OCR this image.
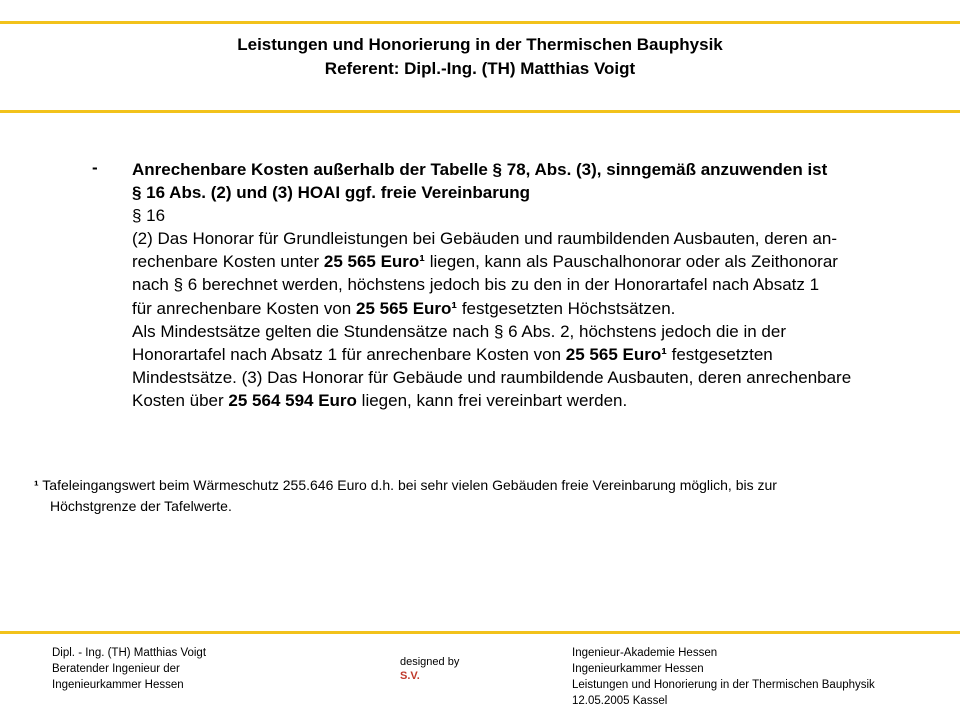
Leistungen und Honorierung in der Thermischen Bauphysik
Referent: Dipl.-Ing. (TH) Matthias Voigt
- Anrechenbare Kosten außerhalb der Tabelle § 78, Abs. (3), sinngemäß anzuwenden ist
§ 16 Abs. (2) und (3) HOAI ggf. freie Vereinbarung
§ 16
(2) Das Honorar für Grundleistungen bei Gebäuden und raumbildenden Ausbauten, deren an-
rechenbare Kosten unter 25 565 Euro¹ liegen, kann als Pauschalhonorar oder als Zeithonorar
nach § 6 berechnet werden, höchstens jedoch bis zu den in der Honorartafel nach Absatz 1
für anrechenbare Kosten von 25 565 Euro¹ festgesetzten Höchstsätzen.
Als Mindestsätze gelten die Stundensätze nach § 6 Abs. 2, höchstens jedoch die in der
Honorartafel nach Absatz 1 für anrechenbare Kosten von 25 565 Euro¹ festgesetzten
Mindestsätze. (3) Das Honorar für Gebäude und raumbildende Ausbauten, deren anrechenbare
Kosten über 25 564 594 Euro liegen, kann frei vereinbart werden.
¹ Tafeleingangswert beim Wärmeschutz 255.646 Euro d.h. bei sehr vielen Gebäuden freie Vereinbarung möglich, bis zur
Höchstgrenze der Tafelwerte.
Dipl. - Ing. (TH) Matthias Voigt
Beratender Ingenieur der
Ingenieurkammer Hessen
designed by
S.V.
Ingenieur-Akademie Hessen
Ingenieurkammer Hessen
Leistungen und Honorierung in der Thermischen Bauphysik
12.05.2005 Kassel
